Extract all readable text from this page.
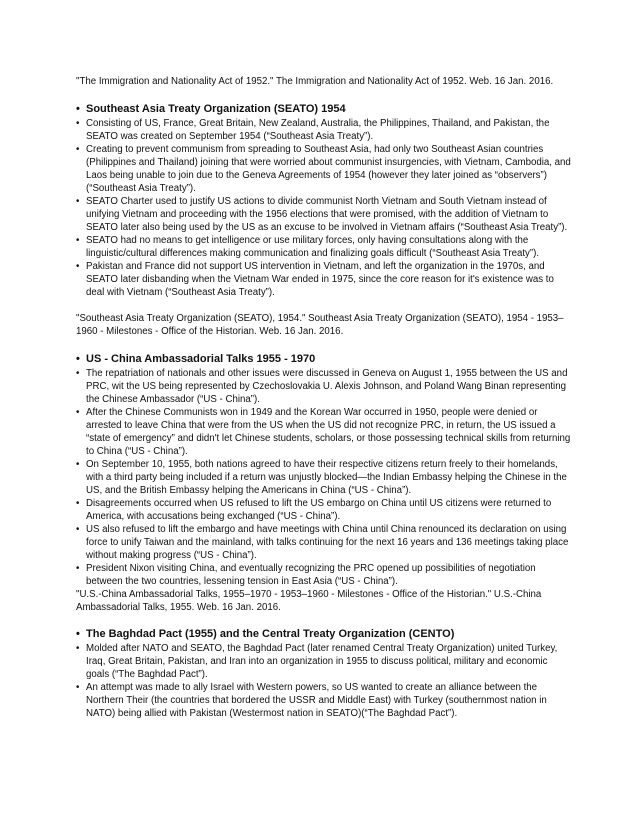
"The Immigration and Nationality Act of 1952." The Immigration and Nationality Act of 1952. Web. 16 Jan. 2016.

• Southeast Asia Treaty Organization (SEATO) 1954
• Consisting of US, France, Great Britain, New Zealand, Australia, the Philippines, Thailand, and Pakistan, the SEATO was created on September 1954 (“Southeast Asia Treaty”).
• Creating to prevent communism from spreading to Southeast Asia, had only two Southeast Asian countries (Philippines and Thailand) joining that were worried about communist insurgencies, with Vietnam, Cambodia, and Laos being unable to join due to the Geneva Agreements of 1954 (however they later joined as “observers”) (“Southeast Asia Treaty”).
• SEATO Charter used to justify US actions to divide communist North Vietnam and South Vietnam instead of unifying Vietnam and proceeding with the 1956 elections that were promised, with the addition of Vietnam to SEATO later also being used by the US as an excuse to be involved in Vietnam affairs (“Southeast Asia Treaty”).
• SEATO had no means to get intelligence or use military forces, only having consultations along with the linguistic/cultural differences making communication and finalizing goals difficult (“Southeast Asia Treaty”).
• Pakistan and France did not support US intervention in Vietnam, and left the organization in the 1970s, and SEATO later disbanding when the Vietnam War ended in 1975, since the core reason for it's existence was to deal with Vietnam (“Southeast Asia Treaty”).

"Southeast Asia Treaty Organization (SEATO), 1954." Southeast Asia Treaty Organization (SEATO), 1954 - 1953–1960 - Milestones - Office of the Historian. Web. 16 Jan. 2016.

• US - China Ambassadorial Talks 1955 - 1970
• The repatriation of nationals and other issues were discussed in Geneva on August 1, 1955 between the US and PRC, wit the US being represented by Czechoslovakia U. Alexis Johnson, and Poland Wang Binan representing the Chinese Ambassador (“US - China”).
• After the Chinese Communists won in 1949 and the Korean War occurred in 1950, people were denied or arrested to leave China that were from the US when the US did not recognize PRC, in return, the US issued a “state of emergency” and didn't let Chinese students, scholars, or those possessing technical skills from returning to China (“US - China”).
• On September 10, 1955, both nations agreed to have their respective citizens return freely to their homelands, with a third party being included if a return was unjustly blocked—the Indian Embassy helping the Chinese in the US, and the British Embassy helping the Americans in China (“US - China”).
• Disagreements occurred when US refused to lift the US embargo on China until US citizens were returned to America, with accusations being exchanged (“US - China”).
• US also refused to lift the embargo and have meetings with China until China renounced its declaration on using force to unify Taiwan and the mainland, with talks continuing for the next 16 years and 136 meetings taking place without making progress (“US - China”).
• President Nixon visiting China, and eventually recognizing the PRC opened up possibilities of negotiation between the two countries, lessening tension in East Asia (“US - China”).

"U.S.-China Ambassadorial Talks, 1955–1970 - 1953–1960 - Milestones - Office of the Historian." U.S.-China Ambassadorial Talks, 1955. Web. 16 Jan. 2016.

• The Baghdad Pact (1955) and the Central Treaty Organization (CENTO)
• Molded after NATO and SEATO, the Baghdad Pact (later renamed Central Treaty Organization) united Turkey, Iraq, Great Britain, Pakistan, and Iran into an organization in 1955 to discuss political, military and economic goals (“The Baghdad Pact”).
• An attempt was made to ally Israel with Western powers, so US wanted to create an alliance between the Northern Their (the countries that bordered the USSR and Middle East) with Turkey (southernmost nation in NATO) being allied with Pakistan (Westermost nation in SEATO)(“The Baghdad Pact”).
